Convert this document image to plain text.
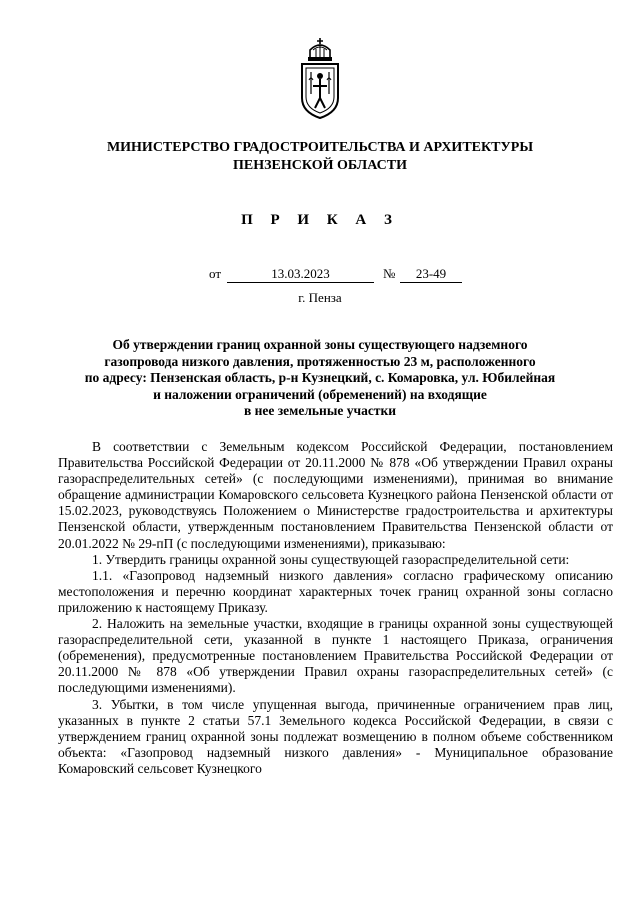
МИНИСТЕРСТВО ГРАДОСТРОИТЕЛЬСТВА И АРХИТЕКТУРЫ
ПЕНЗЕНСКОЙ ОБЛАСТИ
П Р И К А З
от	13.03.2023	№	23-49
г. Пенза
Об утверждении границ охранной зоны существующего надземного
газопровода низкого давления, протяженностью 23 м, расположенного
по адресу: Пензенская область, р-н Кузнецкий, с. Комаровка, ул. Юбилейная
и наложении ограничений (обременений) на входящие
в нее земельные участки

В соответствии с Земельным кодексом Российской Федерации, постановлением Правительства Российской Федерации от 20.11.2000 № 878 «Об утверждении Правил охраны газораспределительных сетей» (с последующими изменениями), принимая во внимание обращение администрации Комаровского сельсовета Кузнецкого района Пензенской области от 15.02.2023, руководствуясь Положением о Министерстве градостроительства и архитектуры Пензенской области, утвержденным постановлением Правительства Пензенской области от 20.01.2022 № 29-пП (с последующими изменениями), приказываю:

1. Утвердить границы охранной зоны существующей газораспределительной сети:

1.1. «Газопровод надземный низкого давления» согласно графическому описанию местоположения и перечню координат характерных точек границ охранной зоны согласно приложению к настоящему Приказу.

2. Наложить на земельные участки, входящие в границы охранной зоны существующей газораспределительной сети, указанной в пункте 1 настоящего Приказа, ограничения (обременения), предусмотренные постановлением Правительства Российской Федерации от 20.11.2000 № 878 «Об утверждении Правил охраны газораспределительных сетей» (с последующими изменениями).

3. Убытки, в том числе упущенная выгода, причиненные ограничением прав лиц, указанных в пункте 2 статьи 57.1 Земельного кодекса Российской Федерации, в связи с утверждением границ охранной зоны подлежат возмещению в полном объеме собственником объекта: «Газопровод надземный низкого давления» - Муниципальное образование Комаровский сельсовет Кузнецкого
